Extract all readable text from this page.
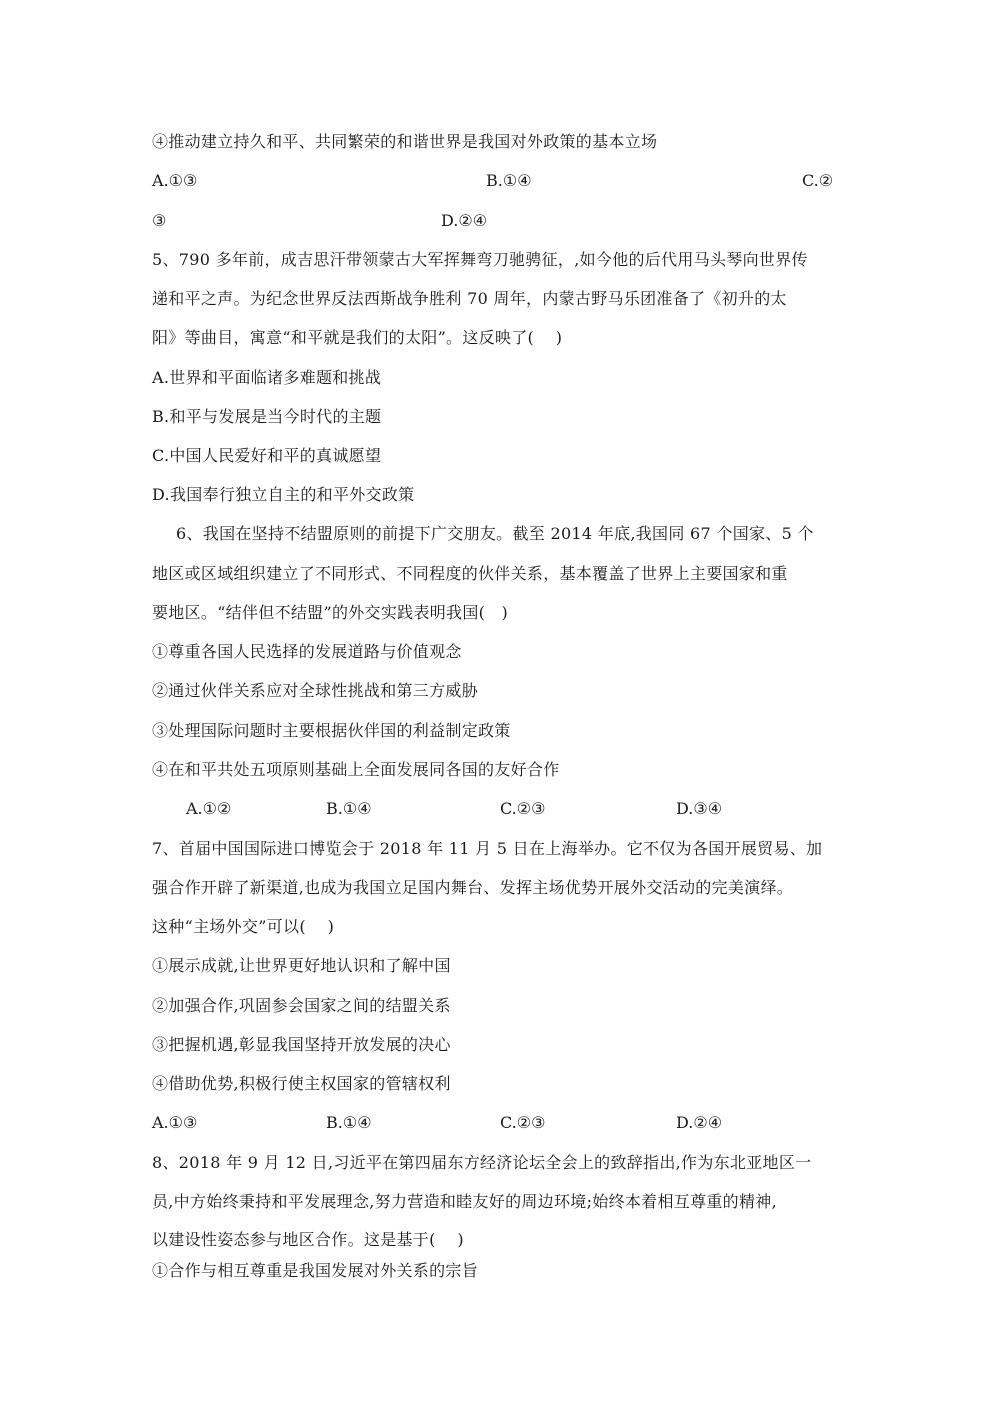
④推动建立持久和平、共同繁荣的和谐世界是我国对外政策的基本立场
A.①③	B.①④	C.②
③	D.②④
5、790 多年前，成吉思汗带领蒙古大军挥舞弯刀驰骋征，,如今他的后代用马头琴向世界传
递和平之声。为纪念世界反法西斯战争胜利 70 周年，内蒙古野马乐团准备了《初升的太
阳》等曲目，寓意“和平就是我们的太阳”。这反映了(　 )
A.世界和平面临诸多难题和挑战
B.和平与发展是当今时代的主题
C.中国人民爱好和平的真诚愿望
D.我国奉行独立自主的和平外交政策
6、我国在坚持不结盟原则的前提下广交朋友。截至 2014 年底,我国同 67 个国家、5 个
地区或区域组织建立了不同形式、不同程度的伙伴关系，基本覆盖了世界上主要国家和重
要地区。“结伴但不结盟”的外交实践表明我国(　)
①尊重各国人民选择的发展道路与价值观念
②通过伙伴关系应对全球性挑战和第三方威胁
③处理国际问题时主要根据伙伴国的利益制定政策
④在和平共处五项原则基础上全面发展同各国的友好合作
A.①②	B.①④	C.②③	D.③④
7、首届中国国际进口博览会于 2018 年 11 月 5 日在上海举办。它不仅为各国开展贸易、加
强合作开辟了新渠道,也成为我国立足国内舞台、发挥主场优势开展外交活动的完美演绎。
这种“主场外交”可以(　 )
①展示成就,让世界更好地认识和了解中国
②加强合作,巩固参会国家之间的结盟关系
③把握机遇,彰显我国坚持开放发展的决心
④借助优势,积极行使主权国家的管辖权利
A.①③	B.①④	C.②③	D.②④
8、2018 年 9 月 12 日,习近平在第四届东方经济论坛全会上的致辞指出,作为东北亚地区一
员,中方始终秉持和平发展理念,努力营造和睦友好的周边环境;始终本着相互尊重的精神,
以建设性姿态参与地区合作。这是基于(　 )
①合作与相互尊重是我国发展对外关系的宗旨
